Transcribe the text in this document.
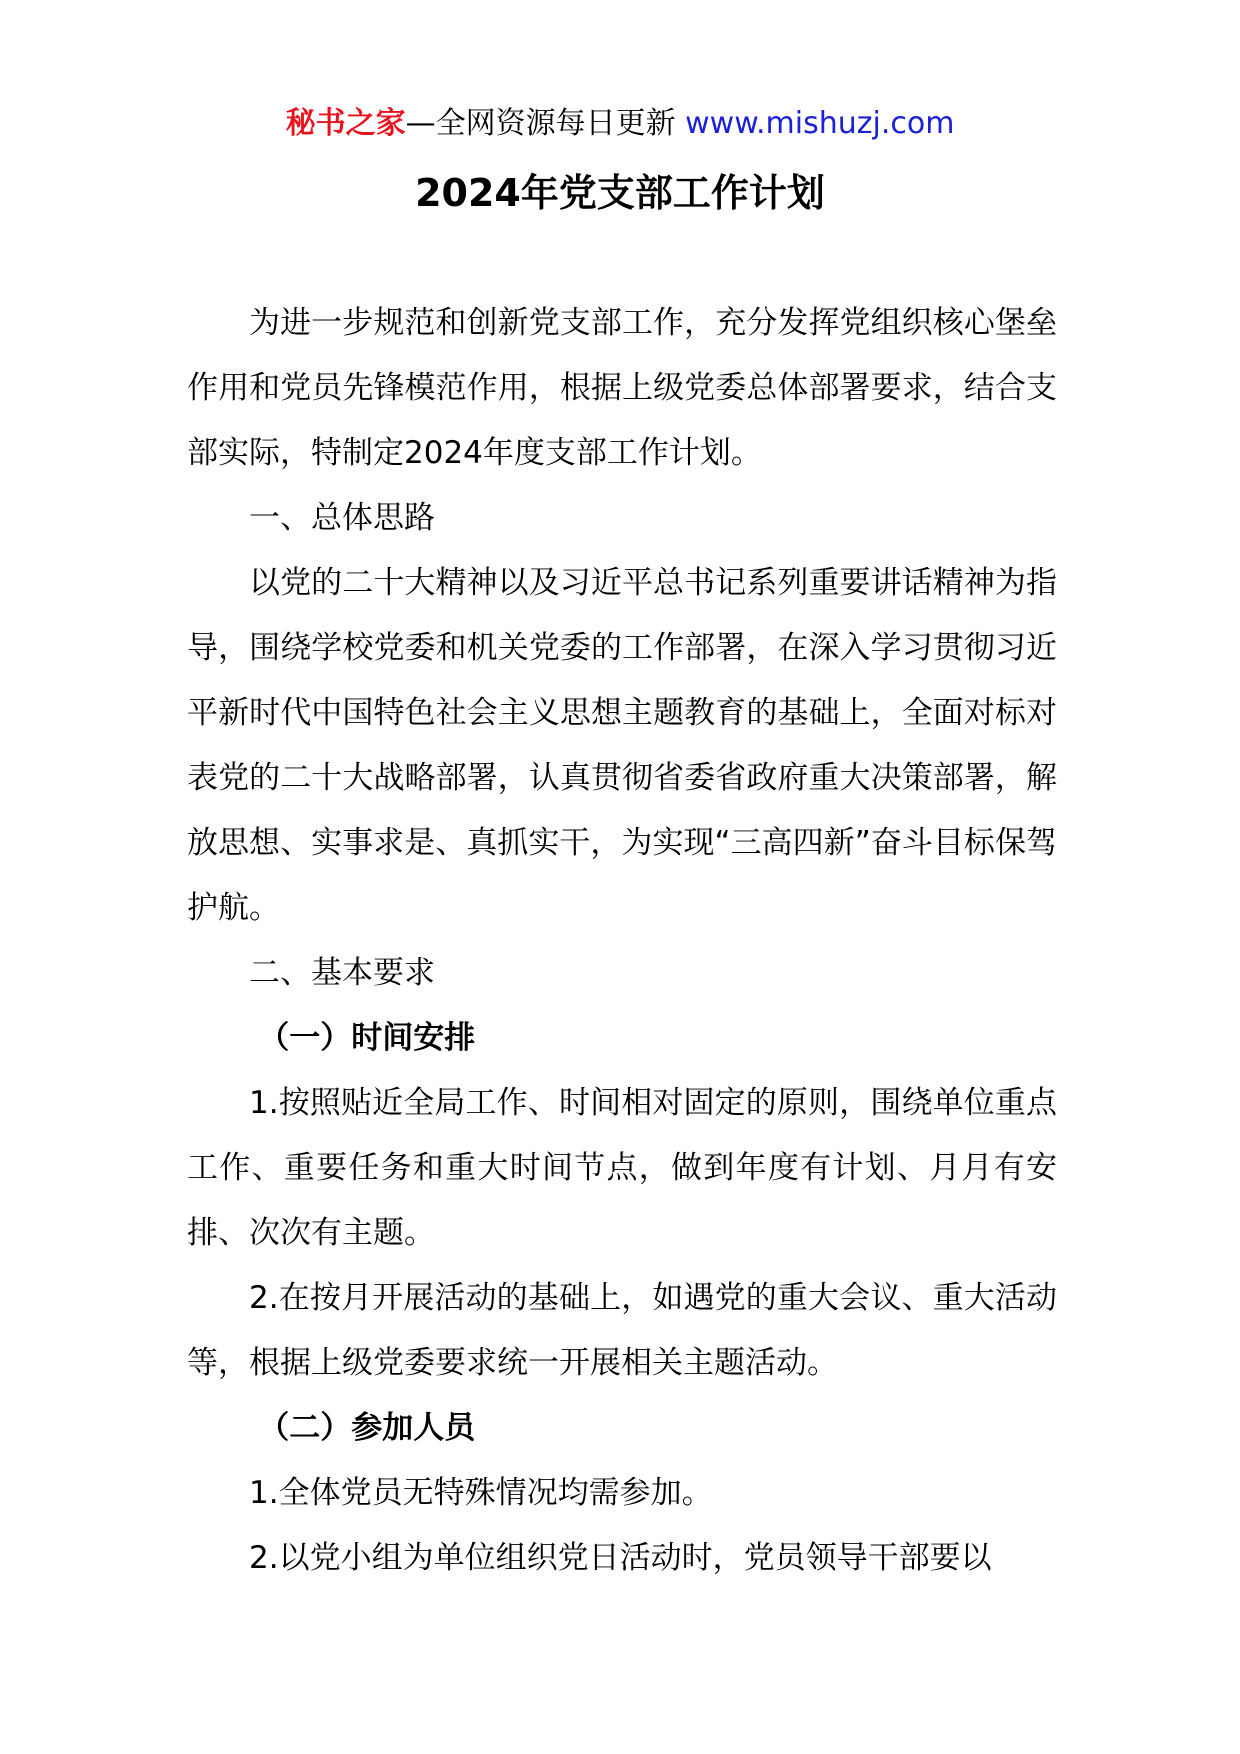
秘书之家—全网资源每日更新 www.mishuzj.com
2024年党支部工作计划

为进一步规范和创新党支部工作，充分发挥党组织核心堡垒作用和党员先锋模范作用，根据上级党委总体部署要求，结合支部实际，特制定2024年度支部工作计划。

一、总体思路

以党的二十大精神以及习近平总书记系列重要讲话精神为指导，围绕学校党委和机关党委的工作部署，在深入学习贯彻习近平新时代中国特色社会主义思想主题教育的基础上，全面对标对表党的二十大战略部署，认真贯彻省委省政府重大决策部署，解放思想、实事求是、真抓实干，为实现“三高四新”奋斗目标保驾护航。

二、基本要求

（一）时间安排

1.按照贴近全局工作、时间相对固定的原则，围绕单位重点工作、重要任务和重大时间节点，做到年度有计划、月月有安排、次次有主题。

2.在按月开展活动的基础上，如遇党的重大会议、重大活动等，根据上级党委要求统一开展相关主题活动。

（二）参加人员

1.全体党员无特殊情况均需参加。

2.以党小组为单位组织党日活动时，党员领导干部要以
